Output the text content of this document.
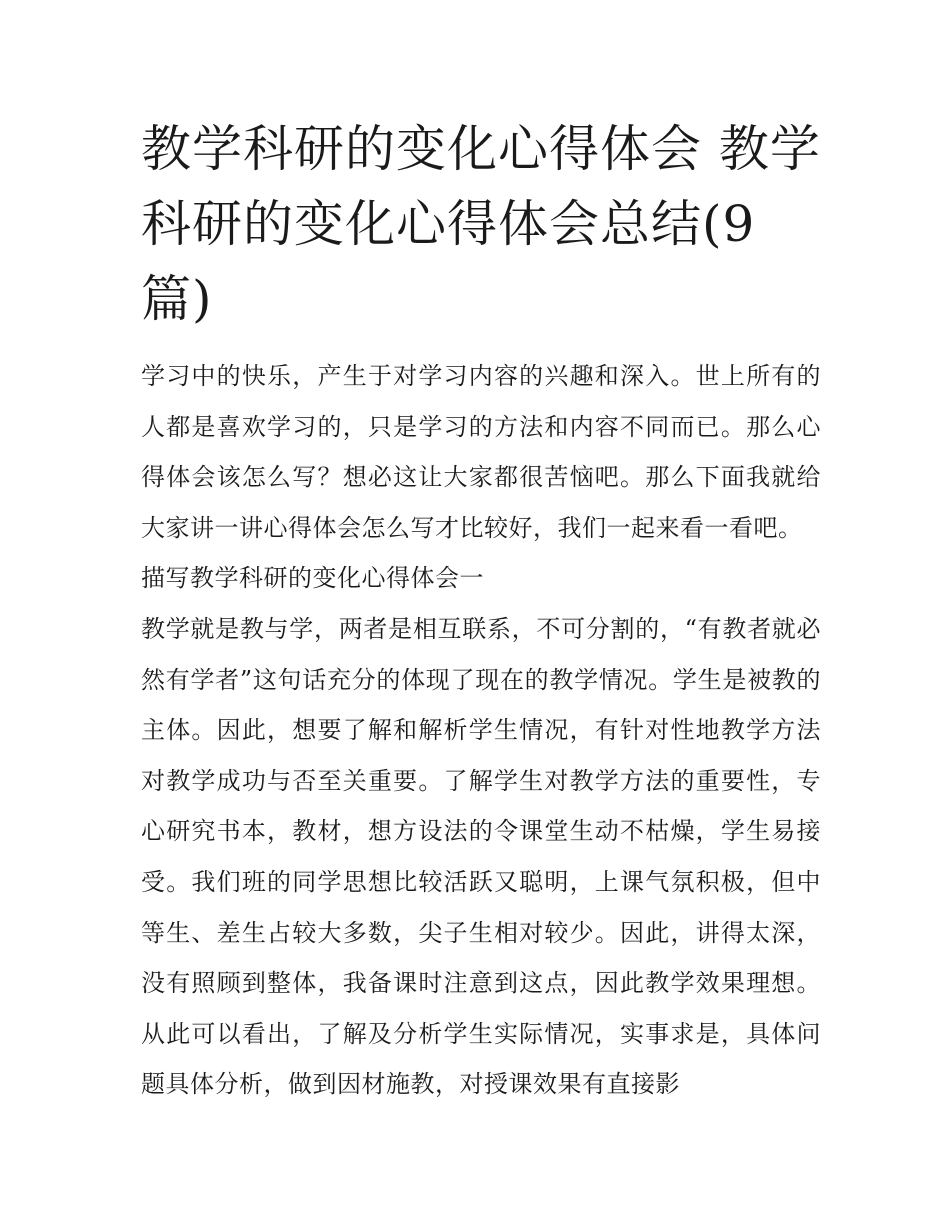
教学科研的变化心得体会 教学科研的变化心得体会总结(9篇)

学习中的快乐，产生于对学习内容的兴趣和深入。世上所有的人都是喜欢学习的，只是学习的方法和内容不同而已。那么心得体会该怎么写？想必这让大家都很苦恼吧。那么下面我就给大家讲一讲心得体会怎么写才比较好，我们一起来看一看吧。

描写教学科研的变化心得体会一

教学就是教与学，两者是相互联系，不可分割的，“有教者就必然有学者”这句话充分的体现了现在的教学情况。学生是被教的主体。因此，想要了解和解析学生情况，有针对性地教学方法对教学成功与否至关重要。了解学生对教学方法的重要性，专心研究书本，教材，想方设法的令课堂生动不枯燥，学生易接受。我们班的同学思想比较活跃又聪明，上课气氛积极，但中等生、差生占较大多数，尖子生相对较少。因此，讲得太深，没有照顾到整体，我备课时注意到这点，因此教学效果理想。从此可以看出，了解及分析学生实际情况，实事求是，具体问题具体分析，做到因材施教，对授课效果有直接影
